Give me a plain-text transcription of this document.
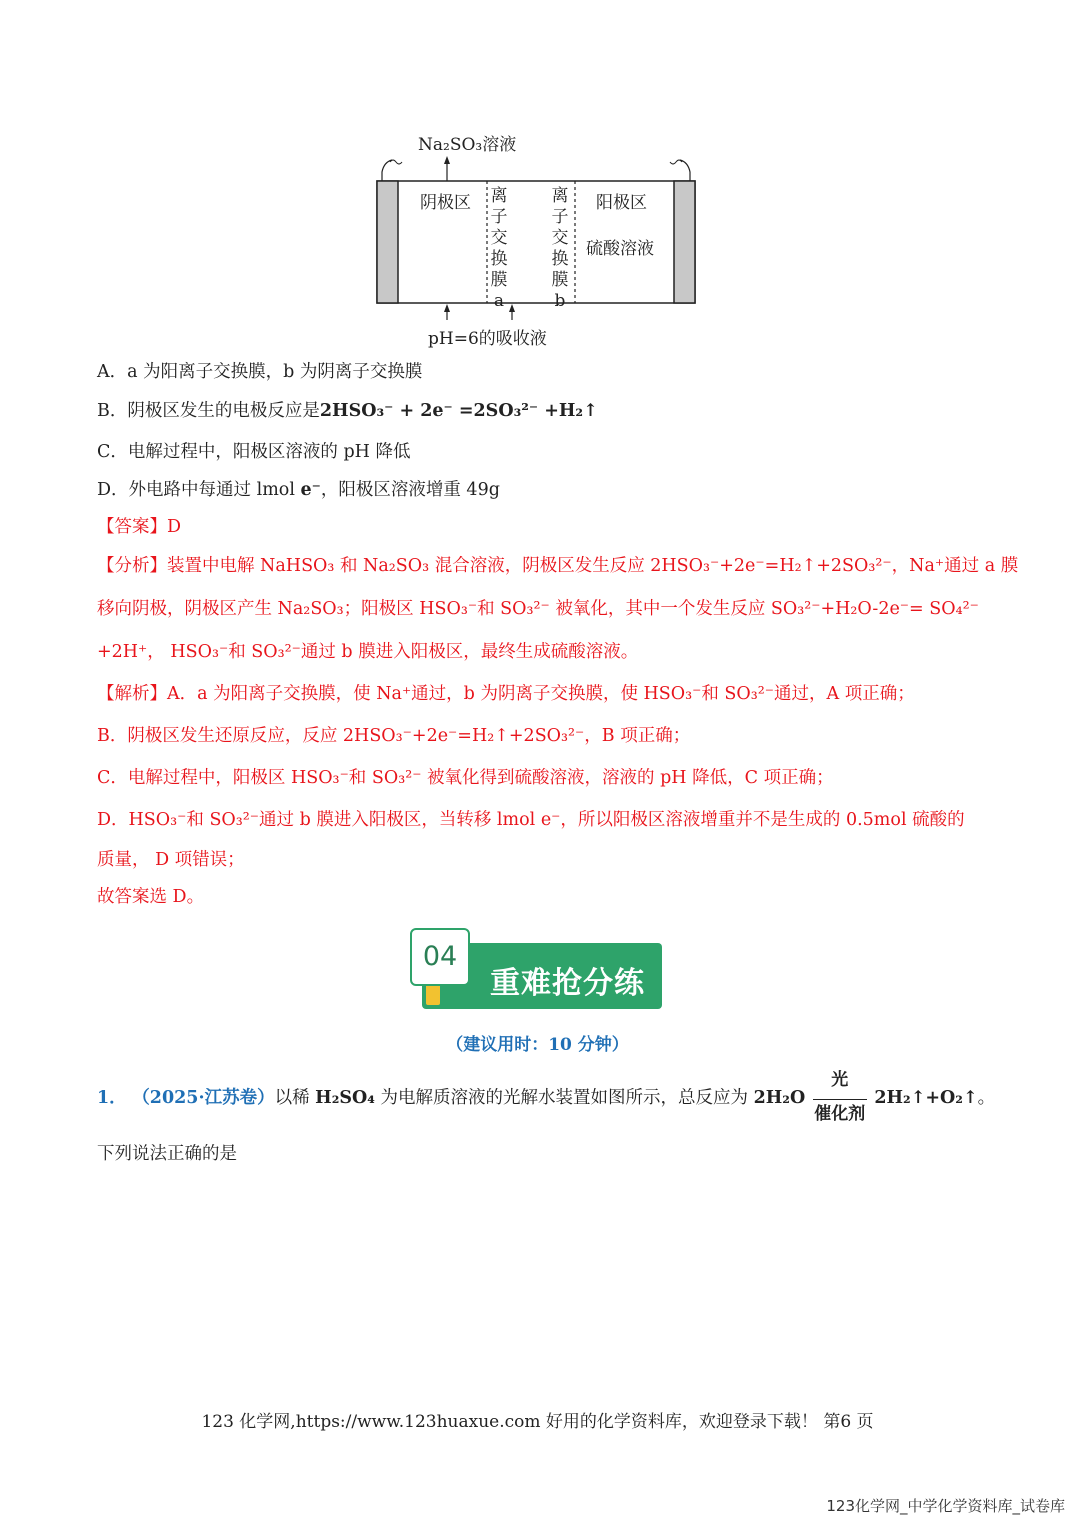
Na₂SO₃溶液
阴极区	阳极区
硫酸溶液
pH=6的吸收液
离
子
交
换
膜
a
离
子
交
换
膜
b
A．a 为阳离子交换膜，b 为阴离子交换膜
B．阴极区发生的电极反应是2HSO₃⁻ + 2e⁻ =2SO₃²⁻ +H₂↑
C．电解过程中，阳极区溶液的 pH 降低
D．外电路中每通过 lmol e⁻，阳极区溶液增重 49g
【答案】D
【分析】装置中电解 NaHSO₃ 和 Na₂SO₃ 混合溶液，阴极区发生反应 2HSO₃⁻+2e⁻=H₂↑+2SO₃²⁻，Na⁺通过 a 膜
移向阴极，阴极区产生 Na₂SO₃；阳极区 HSO₃⁻和 SO₃²⁻ 被氧化，其中一个发生反应 SO₃²⁻+H₂O-2e⁻= SO₄²⁻
+2H⁺， HSO₃⁻和 SO₃²⁻通过 b 膜进入阳极区，最终生成硫酸溶液。
【解析】A．a 为阳离子交换膜，使 Na⁺通过，b 为阴离子交换膜，使 HSO₃⁻和 SO₃²⁻通过，A 项正确；
B．阴极区发生还原反应，反应 2HSO₃⁻+2e⁻=H₂↑+2SO₃²⁻，B 项正确；
C．电解过程中，阳极区 HSO₃⁻和 SO₃²⁻ 被氧化得到硫酸溶液，溶液的 pH 降低，C 项正确；
D．HSO₃⁻和 SO₃²⁻通过 b 膜进入阳极区，当转移 lmol e⁻，所以阳极区溶液增重并不是生成的 0.5mol 硫酸的
质量， D 项错误；
故答案选 D。
04
重难抢分练
（建议用时：10 分钟）
1． （2025·江苏卷）以稀 H₂SO₄ 为电解质溶液的光解水装置如图所示，总反应为 2H₂O
光
催化剂
2H₂↑+O₂↑。
下列说法正确的是
123 化学网,https://www.123huaxue.com 好用的化学资料库，欢迎登录下载！ 第6 页
123化学网_中学化学资料库_试卷库
